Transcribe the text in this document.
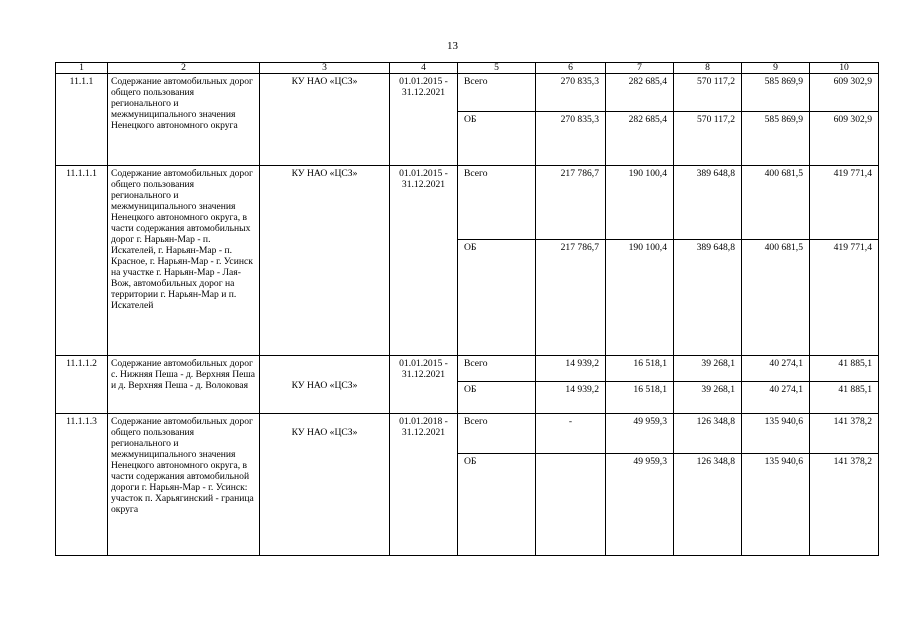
13
1	2	3	4	5	6	7	8	9	10
11.1.1	Содержание автомобильных дорог общего пользования регионального и межмуниципального значения Ненецкого автономного округа	КУ НАО «ЦСЗ»	01.01.2015 - 31.12.2021	Всего	270 835,3	282 685,4	570 117,2	585 869,9	609 302,9
				ОБ	270 835,3	282 685,4	570 117,2	585 869,9	609 302,9
11.1.1.1	Содержание автомобильных дорог общего пользования регионального и межмуниципального значения Ненецкого автономного округа, в части содержания автомобильных дорог г. Нарьян-Мар - п. Искателей, г. Нарьян-Мар - п. Красное, г. Нарьян-Мар - г. Усинск на участке г. Нарьян-Мар - Лая-Вож, автомобильных дорог на территории г. Нарьян-Мар и п. Искателей	КУ НАО «ЦСЗ»	01.01.2015 - 31.12.2021	Всего	217 786,7	190 100,4	389 648,8	400 681,5	419 771,4
				ОБ	217 786,7	190 100,4	389 648,8	400 681,5	419 771,4
11.1.1.2	Содержание автомобильных дорог с. Нижняя Пеша - д. Верхняя Пеша и д. Верхняя Пеша - д. Волоковая	КУ НАО «ЦСЗ»	01.01.2015 - 31.12.2021	Всего	14 939,2	16 518,1	39 268,1	40 274,1	41 885,1
				ОБ	14 939,2	16 518,1	39 268,1	40 274,1	41 885,1
11.1.1.3	Содержание автомобильных дорог общего пользования регионального и межмуниципального значения Ненецкого автономного округа, в части содержания автомобильной дороги г. Нарьян-Мар - г. Усинск: участок п. Харьягинский - граница округа	КУ НАО «ЦСЗ»	01.01.2018 - 31.12.2021	Всего	-	49 959,3	126 348,8	135 940,6	141 378,2
				ОБ		49 959,3	126 348,8	135 940,6	141 378,2
